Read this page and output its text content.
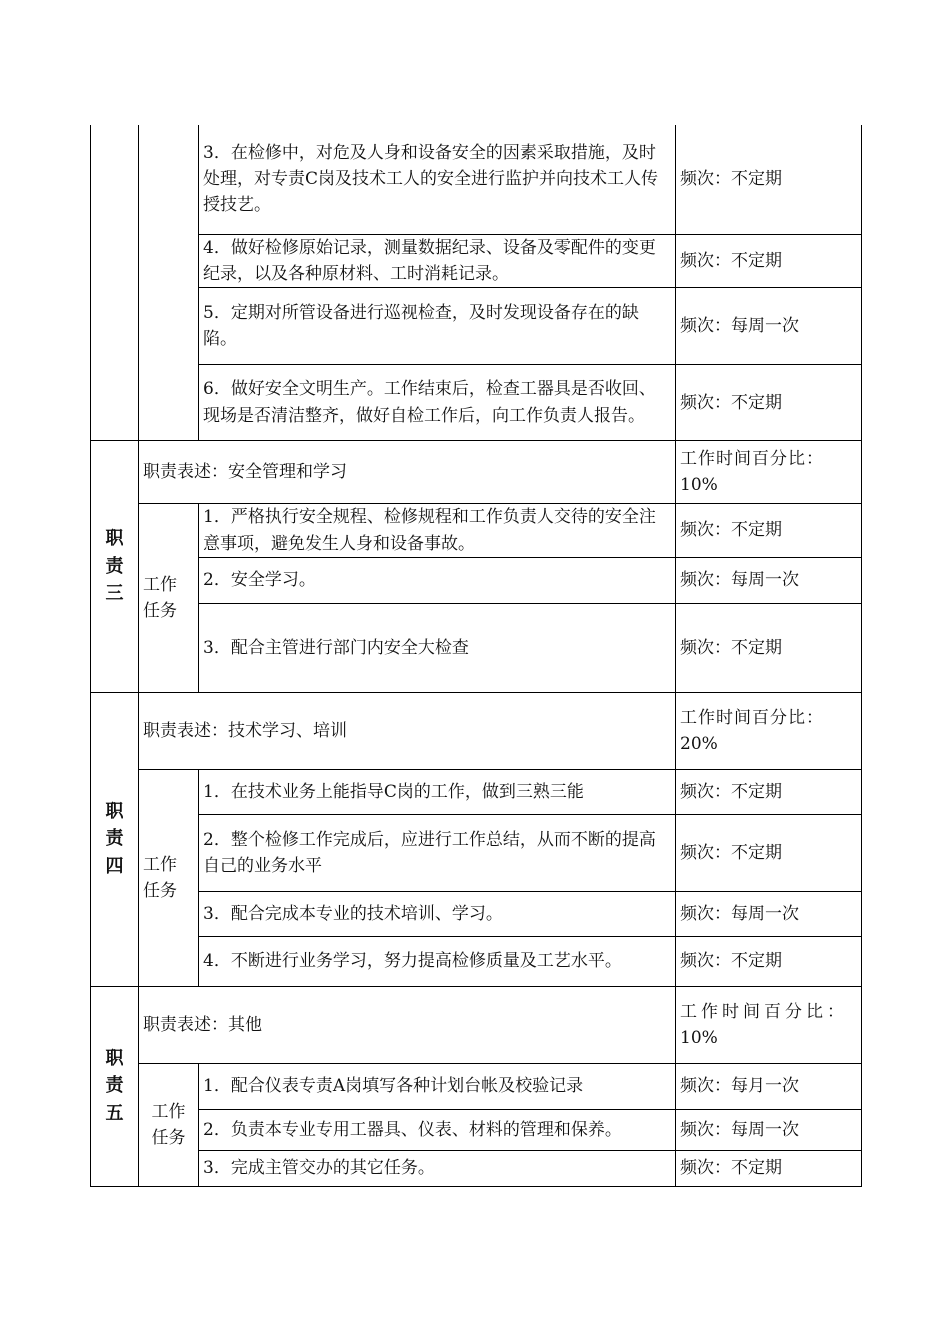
		3．在检修中，对危及人身和设备安全的因素采取措施，及时处理，对专责C岗及技术工人的安全进行监护并向技术工人传授技艺。	频次：不定期
		4．做好检修原始记录，测量数据纪录、设备及零配件的变更纪录，以及各种原材料、工时消耗记录。	频次：不定期
		5．定期对所管设备进行巡视检查，及时发现设备存在的缺陷。	频次：每周一次
		6．做好安全文明生产。工作结束后，检查工器具是否收回、现场是否清洁整齐，做好自检工作后，向工作负责人报告。	频次：不定期

职
责
三	职责表述：安全管理和学习		工作时间百分比：10%

	工作
任务	1．严格执行安全规程、检修规程和工作负责人交待的安全注意事项，避免发生人身和设备事故。	频次：不定期
		2．安全学习。	频次：每周一次
		3．配合主管进行部门内安全大检查	频次：不定期

职
责
四	职责表述：技术学习、培训		工作时间百分比：20%

	工作
任务	1．在技术业务上能指导C岗的工作，做到三熟三能	频次：不定期
		2．整个检修工作完成后，应进行工作总结，从而不断的提高自己的业务水平	频次：不定期
		3．配合完成本专业的技术培训、学习。	频次：每周一次
		4．不断进行业务学习，努力提高检修质量及工艺水平。	频次：不定期

职
责
五	职责表述：其他		工作时间百分比：
10%

	工作
任务	1．配合仪表专责A岗填写各种计划台帐及校验记录	频次：每月一次
		2．负责本专业专用工器具、仪表、材料的管理和保养。	频次：每周一次
		3．完成主管交办的其它任务。	频次：不定期
